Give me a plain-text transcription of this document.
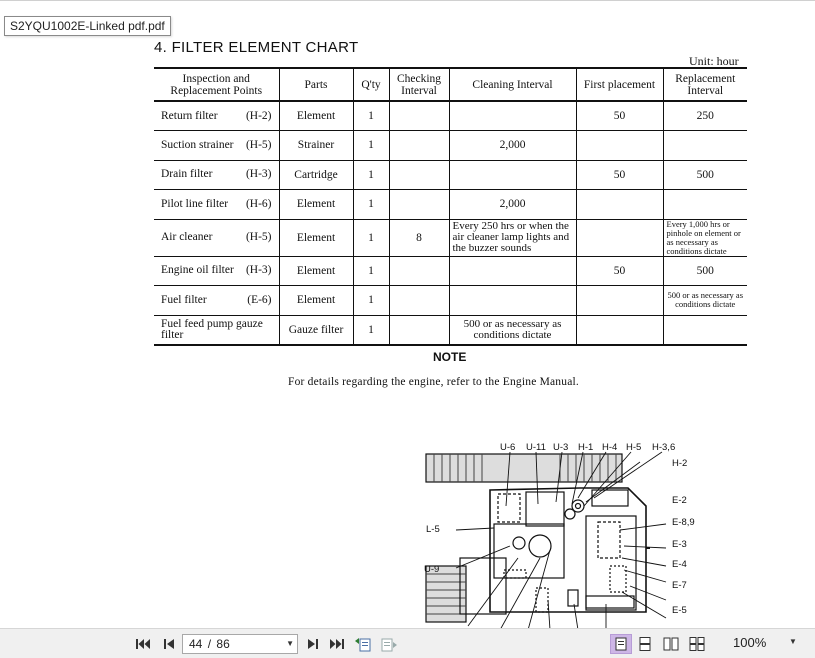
S2YQU1002E-Linked pdf.pdf
4. FILTER ELEMENT CHART
Unit: hour
Inspection and Replacement Points	Parts	Q'ty	Checking Interval	Cleaning Interval	First placement	Replacement Interval

Return filter (H-2)	Element	1			50	250

Suction strainer (H-5)	Strainer	1		2,000		

Drain filter (H-3)	Cartridge	1			50	500

Pilot line filter (H-6)	Element	1		2,000		

Air cleaner (H-5)	Element	1	8	Every 250 hrs or when the air cleaner lamp lights and the buzzer sounds		Every 1,000 hrs or pinhole on element or as necessary as conditions dictate

Engine oil filter (H-3)	Element	1			50	500

Fuel filter (E-6)	Element	1				500 or as necessary as conditions dictate

Fuel feed pump gauze filter	Gauze filter	1		500 or as necessary as conditions dictate		
NOTE
For details regarding the engine, refer to the Engine Manual.
U-6 U-11 U-3 H-1 H-4 H-5 H-3,6
H-2
E-2
E-8,9
E-3
E-4
E-7
E-5
L-5
U-9
44 / 86	▼	100%	▼
